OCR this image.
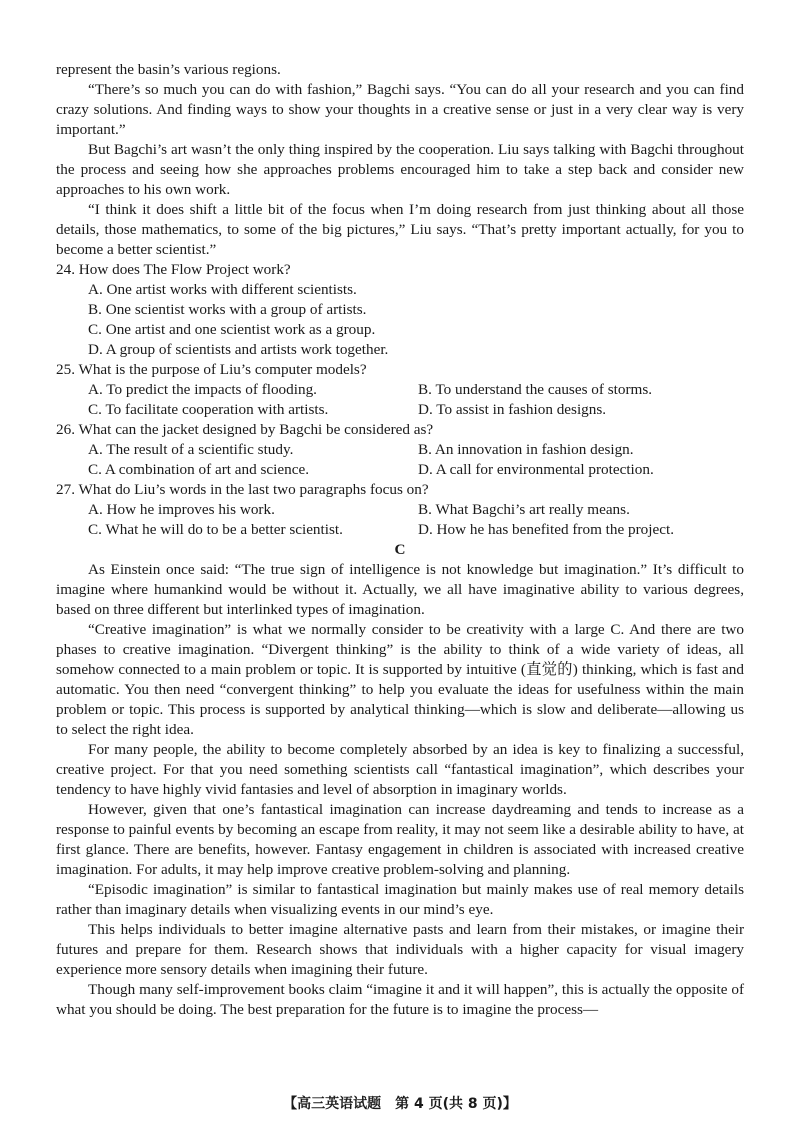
represent the basin’s various regions.

“There’s so much you can do with fashion,” Bagchi says. “You can do all your research and you can find crazy solutions. And finding ways to show your thoughts in a creative sense or just in a very clear way is very important.”

But Bagchi’s art wasn’t the only thing inspired by the cooperation. Liu says talking with Bagchi throughout the process and seeing how she approaches problems encouraged him to take a step back and consider new approaches to his own work.

“I think it does shift a little bit of the focus when I’m doing research from just thinking about all those details, those mathematics, to some of the big pictures,” Liu says. “That’s pretty important actually, for you to become a better scientist.”

24. How does The Flow Project work?

A. One artist works with different scientists.

B. One scientist works with a group of artists.

C. One artist and one scientist work as a group.

D. A group of scientists and artists work together.

25. What is the purpose of Liu’s computer models?

A. To predict the impacts of flooding.	B. To understand the causes of storms.
C. To facilitate cooperation with artists.	D. To assist in fashion designs.

26. What can the jacket designed by Bagchi be considered as?

A. The result of a scientific study.	B. An innovation in fashion design.
C. A combination of art and science.	D. A call for environmental protection.

27. What do Liu’s words in the last two paragraphs focus on?

A. How he improves his work.	B. What Bagchi’s art really means.
C. What he will do to be a better scientist.	D. How he has benefited from the project.

C

As Einstein once said: “The true sign of intelligence is not knowledge but imagination.” It’s difficult to imagine where humankind would be without it. Actually, we all have imaginative ability to various degrees, based on three different but interlinked types of imagination.

“Creative imagination” is what we normally consider to be creativity with a large C. And there are two phases to creative imagination. “Divergent thinking” is the ability to think of a wide variety of ideas, all somehow connected to a main problem or topic. It is supported by intuitive (直觉的) thinking, which is fast and automatic. You then need “convergent thinking” to help you evaluate the ideas for usefulness within the main problem or topic. This process is supported by analytical thinking—which is slow and deliberate—allowing us to select the right idea.

For many people, the ability to become completely absorbed by an idea is key to finalizing a successful, creative project. For that you need something scientists call “fantastical imagination”, which describes your tendency to have highly vivid fantasies and level of absorption in imaginary worlds.

However, given that one’s fantastical imagination can increase daydreaming and tends to increase as a response to painful events by becoming an escape from reality, it may not seem like a desirable ability to have, at first glance. There are benefits, however. Fantasy engagement in children is associated with increased creative imagination. For adults, it may help improve creative problem-solving and planning.

“Episodic imagination” is similar to fantastical imagination but mainly makes use of real memory details rather than imaginary details when visualizing events in our mind’s eye.

This helps individuals to better imagine alternative pasts and learn from their mistakes, or imagine their futures and prepare for them. Research shows that individuals with a higher capacity for visual imagery experience more sensory details when imagining their future.

Though many self-improvement books claim “imagine it and it will happen”, this is actually the opposite of what you should be doing. The best preparation for the future is to imagine the process—

【高三英语试题　第 4 页(共 8 页)】
